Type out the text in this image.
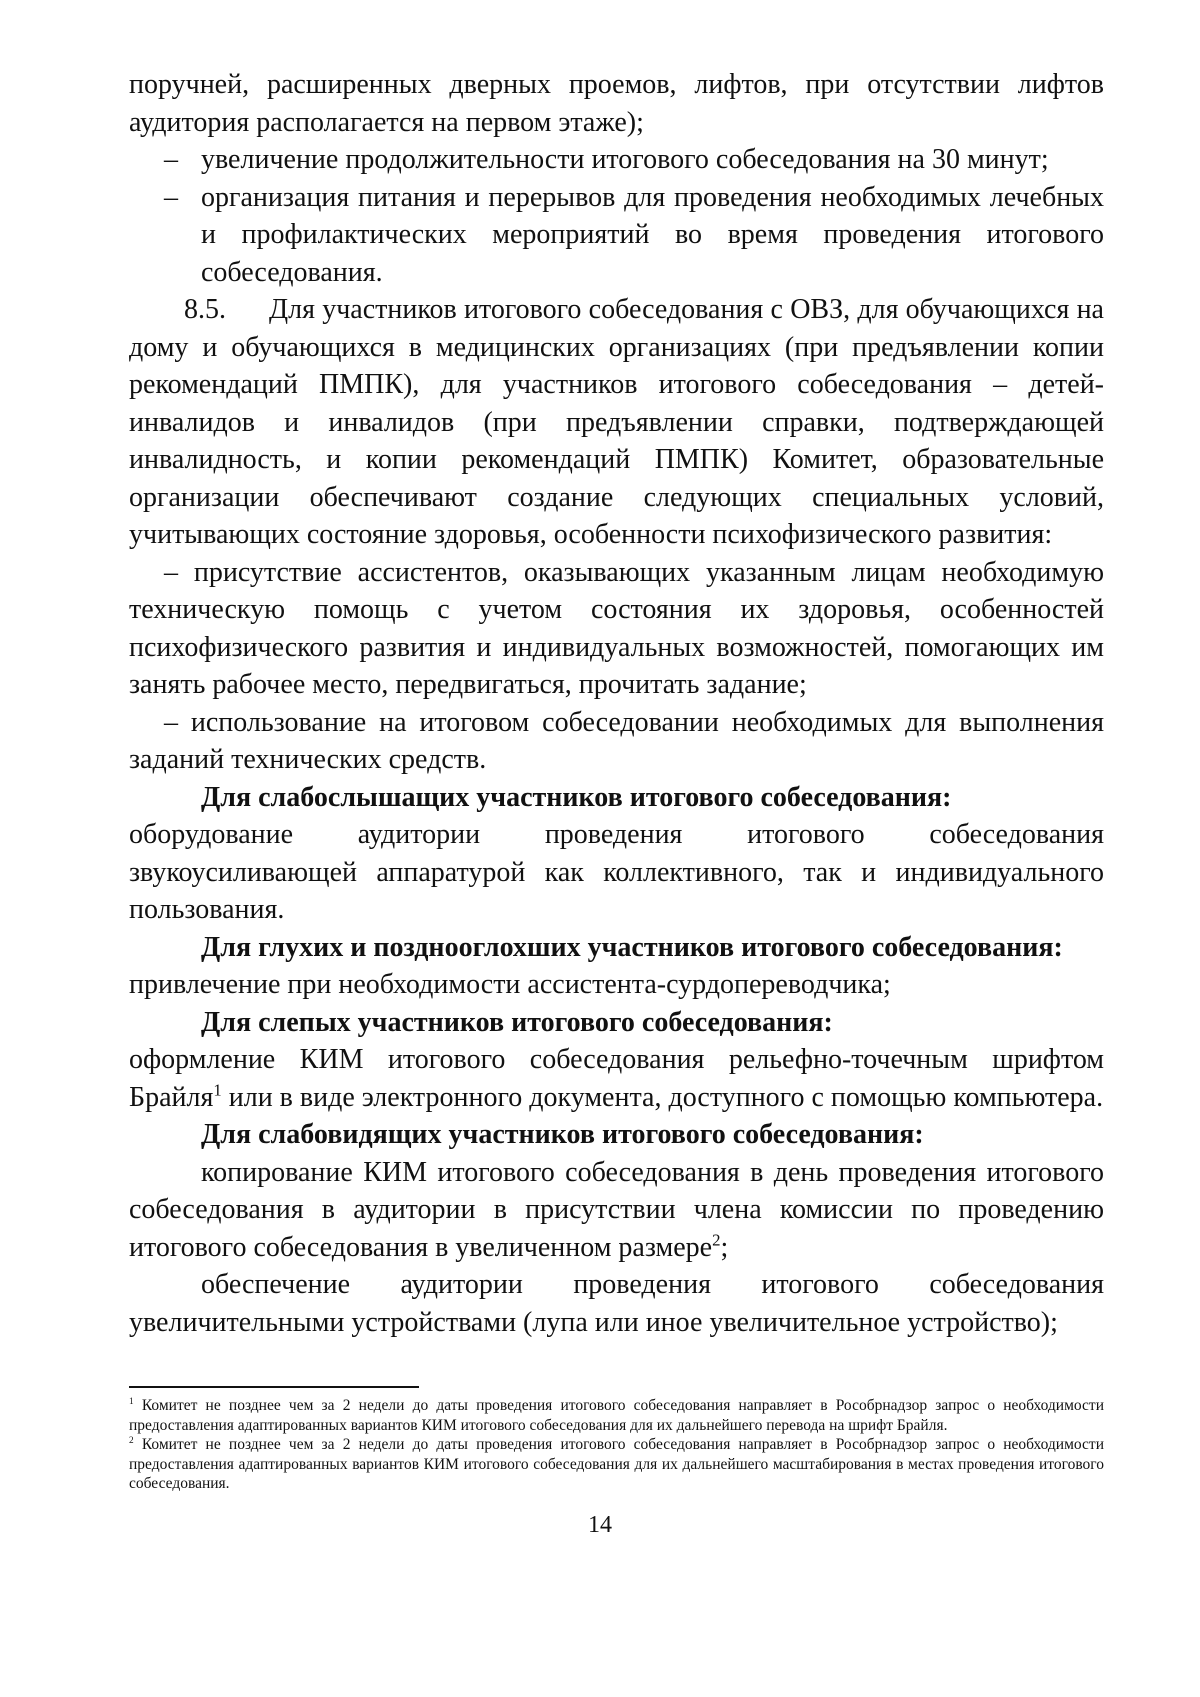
поручней, расширенных дверных проемов, лифтов, при отсутствии лифтов аудитория располагается на первом этаже);

– увеличение продолжительности итогового собеседования на 30 минут;

– организация питания и перерывов для проведения необходимых лечебных и профилактических мероприятий во время проведения итогового собеседования.

8.5. Для участников итогового собеседования с ОВЗ, для обучающихся на дому и обучающихся в медицинских организациях (при предъявлении копии рекомендаций ПМПК), для участников итогового собеседования – детей-инвалидов и инвалидов (при предъявлении справки, подтверждающей инвалидность, и копии рекомендаций ПМПК) Комитет, образовательные организации обеспечивают создание следующих специальных условий, учитывающих состояние здоровья, особенности психофизического развития:

– присутствие ассистентов, оказывающих указанным лицам необходимую техническую помощь с учетом состояния их здоровья, особенностей психофизического развития и индивидуальных возможностей, помогающих им занять рабочее место, передвигаться, прочитать задание;

– использование на итоговом собеседовании необходимых для выполнения заданий технических средств.

Для слабослышащих участников итогового собеседования:

оборудование аудитории проведения итогового собеседования

звукоусиливающей аппаратурой как коллективного, так и индивидуального пользования.

Для глухих и позднооглохших участников итогового собеседования:

привлечение при необходимости ассистента-сурдопереводчика;

Для слепых участников итогового собеседования:

оформление КИМ итогового собеседования рельефно-точечным шрифтом Брайля$^1$ или в виде электронного документа, доступного с помощью компьютера.

Для слабовидящих участников итогового собеседования:

копирование КИМ итогового собеседования в день проведения итогового собеседования в аудитории в присутствии члена комиссии по проведению итогового собеседования в увеличенном размере$^2$;

обеспечение аудитории проведения итогового собеседования

увеличительными устройствами (лупа или иное увеличительное устройство);

$^1$ Комитет не позднее чем за 2 недели до даты проведения итогового собеседования направляет в Рособрнадзор запрос о необходимости предоставления адаптированных вариантов КИМ итогового собеседования для их дальнейшего перевода на шрифт Брайля.

$^2$ Комитет не позднее чем за 2 недели до даты проведения итогового собеседования направляет в Рособрнадзор запрос о необходимости предоставления адаптированных вариантов КИМ итогового собеседования для их дальнейшего масштабирования в местах проведения итогового собеседования.

14
